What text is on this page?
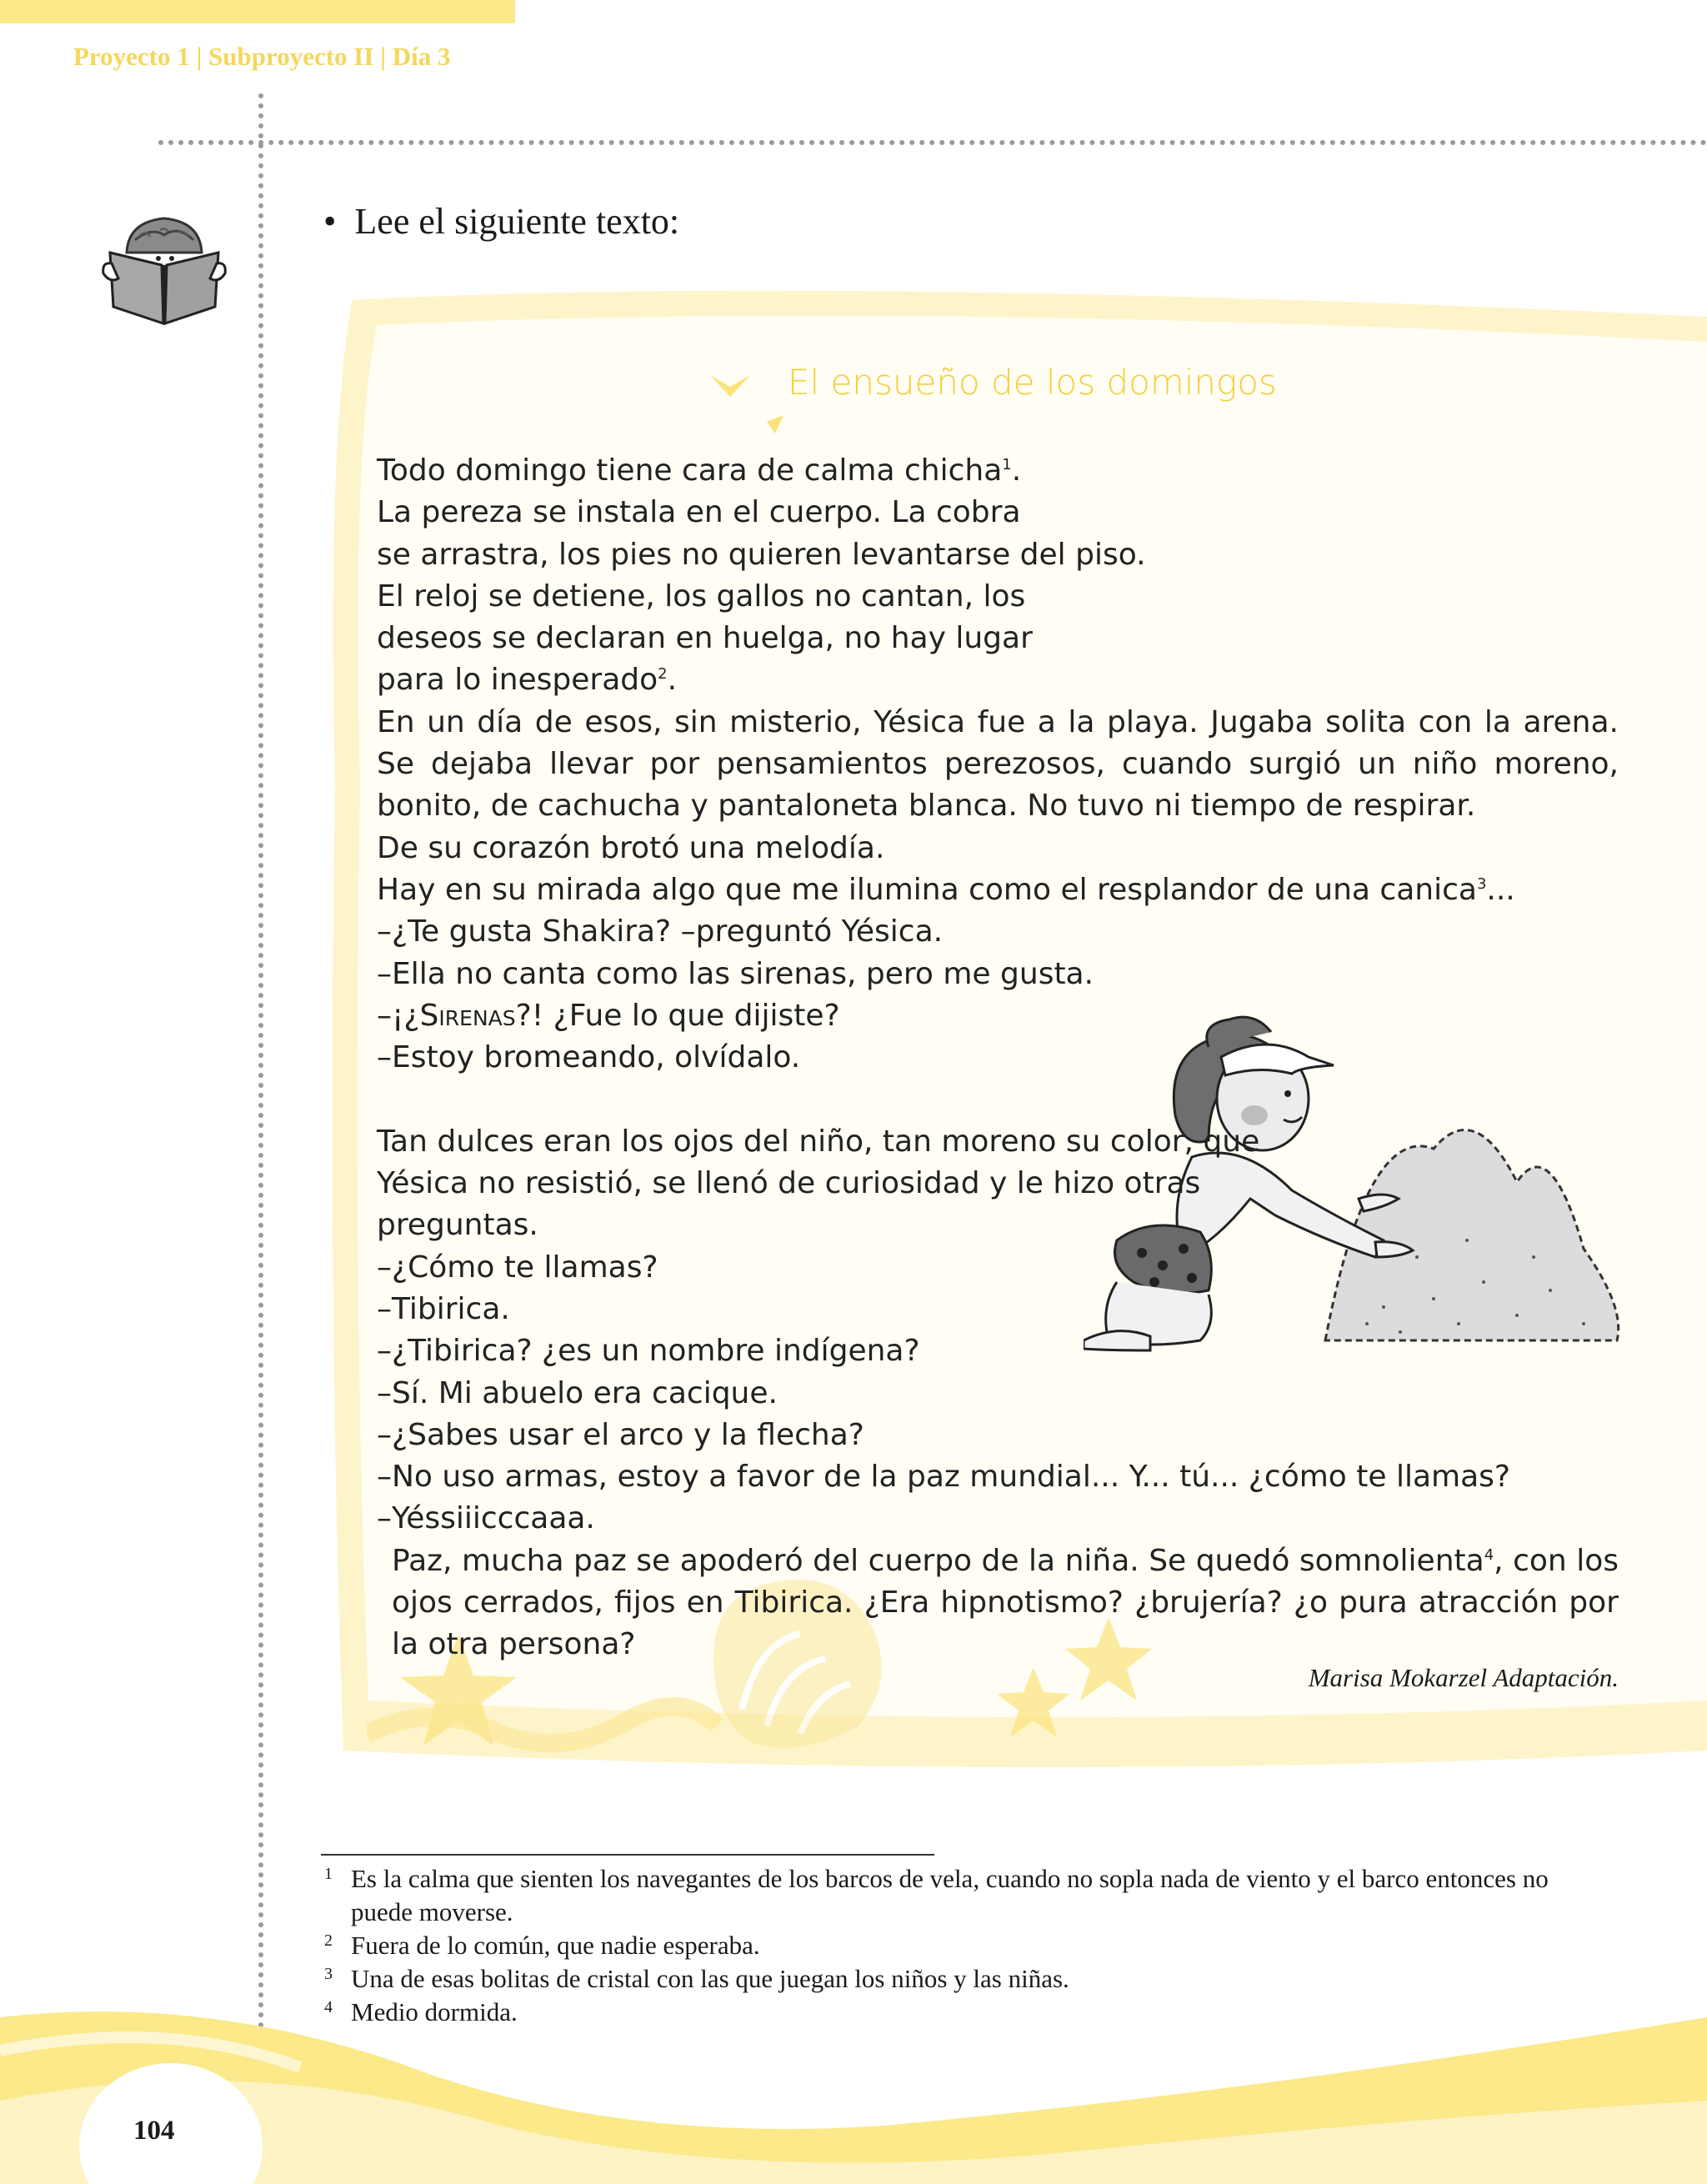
Proyecto 1 | Subproyecto II | Día 3
• Lee el siguiente texto:
El ensueño de los domingos

Todo domingo tiene cara de calma chicha$^1$.

La pereza se instala en el cuerpo. La cobra

se arrastra, los pies no quieren levantarse del piso.

El reloj se detiene, los gallos no cantan, los

deseos se declaran en huelga, no hay lugar

para lo inesperado$^2$.

En un día de esos, sin misterio, Yésica fue a la playa. Jugaba solita con la arena. Se dejaba llevar por pensamientos perezosos, cuando surgió un niño moreno, bonito, de cachucha y pantaloneta blanca. No tuvo ni tiempo de respirar.

De su corazón brotó una melodía.

Hay en su mirada algo que me ilumina como el resplandor de una canica$^3$...

–¿Te gusta Shakira? –preguntó Yésica.

–Ella no canta como las sirenas, pero me gusta.

–¡¿Sirenas?! ¿Fue lo que dijiste?

–Estoy bromeando, olvídalo.

Tan dulces eran los ojos del niño, tan moreno su color, que

Yésica no resistió, se llenó de curiosidad y le hizo otras

preguntas.

–¿Cómo te llamas?

–Tibirica.

–¿Tibirica? ¿es un nombre indígena?

–Sí. Mi abuelo era cacique.

–¿Sabes usar el arco y la flecha?

–No uso armas, estoy a favor de la paz mundial... Y... tú... ¿cómo te llamas?

–Yéssiiicccaaa.

Paz, mucha paz se apoderó del cuerpo de la niña. Se quedó somnolienta$^4$, con los ojos cerrados, fijos en Tibirica. ¿Era hipnotismo? ¿brujería? ¿o pura atracción por la otra persona?

Marisa Mokarzel Adaptación.
1 Es la calma que sienten los navegantes de los barcos de vela, cuando no sopla nada de viento y el barco entonces no puede moverse.
2 Fuera de lo común, que nadie esperaba.
3 Una de esas bolitas de cristal con las que juegan los niños y las niñas.
4 Medio dormida.
104
